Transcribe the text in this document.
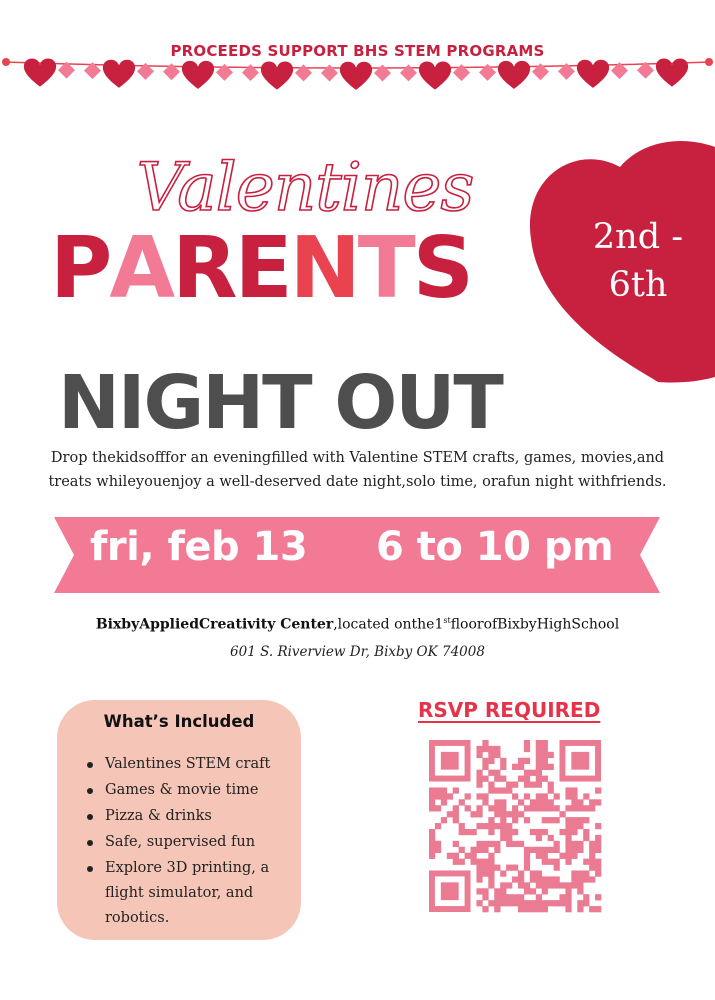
PROCEEDS SUPPORT BHS STEM PROGRAMS
Valentines
PARENTS	2nd -
6th
NIGHT OUT
Drop thekidsofffor an eveningfilled with Valentine STEM crafts, games, movies,and
treats whileyouenjoy a well-deserved date night,solo time, orafun night withfriends.
fri, feb 13 6 to 10 pm
BixbyAppliedCreativity Center,located onthe1stfloorofBixbyHighSchool
601 S. Riverview Dr, Bixby OK 74008
What’s Included
Valentines STEM craft
Games & movie time
Pizza & drinks
Safe, supervised fun
Explore 3D printing, a flight simulator, and robotics.
RSVP REQUIRED
